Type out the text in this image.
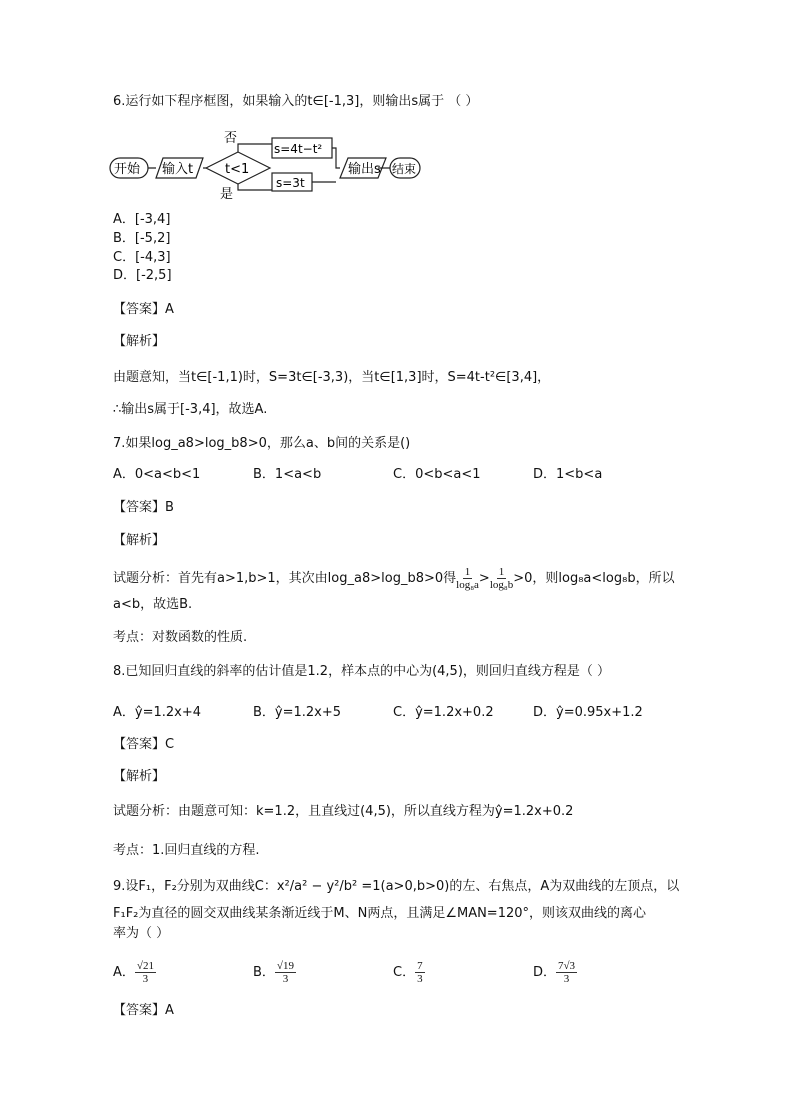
6.运行如下程序框图，如果输入的t∈[-1,3]，则输出s属于 （ ）
开始 输入t t<1
否
是
s=4t−t²
s=3t
输出s 结束
A．[-3,4]
B．[-5,2]
C．[-4,3]
D．[-2,5]
【答案】A
【解析】
由题意知，当t∈[-1,1)时，S=3t∈[-3,3)，当t∈[1,3]时，S=4t-t²∈[3,4]，
∴输出s属于[-3,4]，故选A.
7.如果log_a8>log_b8>0，那么a、b间的关系是()
A．0<a<b<1	B．1<a<b	C．0<b<a<1	D．1<b<a
【答案】B
【解析】
试题分析：首先有a>1,b>1，其次由log_a8>log_b8>0得 $\frac{1}{\text{log₈a}} > \frac{1}{\text{log₈b}} >0$，则log₈a<log₈b，所以
a<b，故选B.
考点：对数函数的性质.
8.已知回归直线的斜率的估计值是1.2，样本点的中心为(4,5)，则回归直线方程是（ ）
A．ŷ=1.2x+4	B．ŷ=1.2x+5	C．ŷ=1.2x+0.2	D．ŷ=0.95x+1.2
【答案】C
【解析】
试题分析：由题意可知：k=1.2，且直线过(4,5)，所以直线方程为ŷ=1.2x+0.2
考点：1.回归直线的方程.
9.设F₁，F₂分别为双曲线C：x²/a² − y²/b² =1(a>0,b>0)的左、右焦点，A为双曲线的左顶点，以
F₁F₂为直径的圆交双曲线某条渐近线于M、N两点，且满足∠MAN=120°，则该双曲线的离心
率为（ ）
A． $\frac{√21}{3}$	B． $\frac{√19}{3}$	C． $\frac{7}{3}$	D． $\frac{7√3}{3}$
【答案】A
